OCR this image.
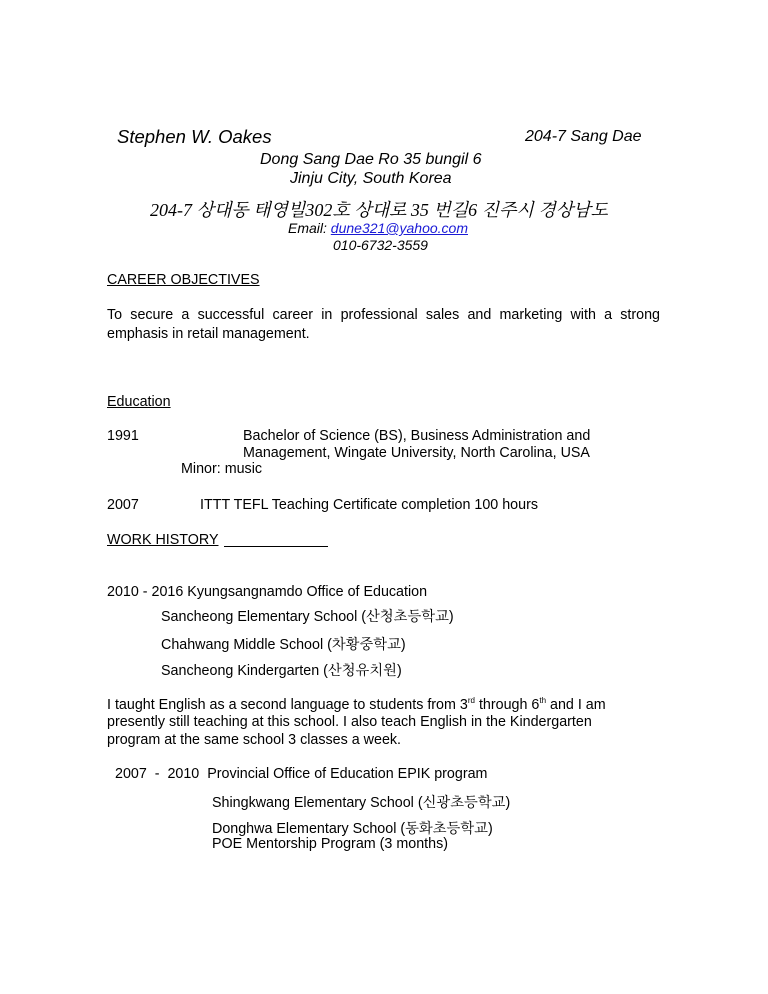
Stephen W. Oakes	204-7 Sang Dae
Dong Sang Dae Ro 35 bungil 6
Jinju City, South Korea
204-7 상대동 태영빌302호 상대로 35 번길6 진주시 경상남도
Email: dune321@yahoo.com
010-6732-3559
CAREER OBJECTIVES
To secure a successful career in professional sales and marketing with a strong emphasis in retail management.
Education
1991	Bachelor of Science (BS), Business Administration and
Management, Wingate University, North Carolina, USA
Minor: music
2007	ITTT TEFL Teaching Certificate completion 100 hours
WORK HISTORY
2010 - 2016 Kyungsangnamdo Office of Education
Sancheong Elementary School (산청초등학교)
Chahwang Middle School (차황중학교)
Sancheong Kindergarten (산청유치원)
I taught English as a second language to students from 3rd through 6th and I am
presently still teaching at this school. I also teach English in the Kindergarten
program at the same school 3 classes a week.
2007  -  2010  Provincial Office of Education EPIK program
Shingkwang Elementary School (신광초등학교)
Donghwa Elementary School (동화초등학교)
POE Mentorship Program (3 months)
